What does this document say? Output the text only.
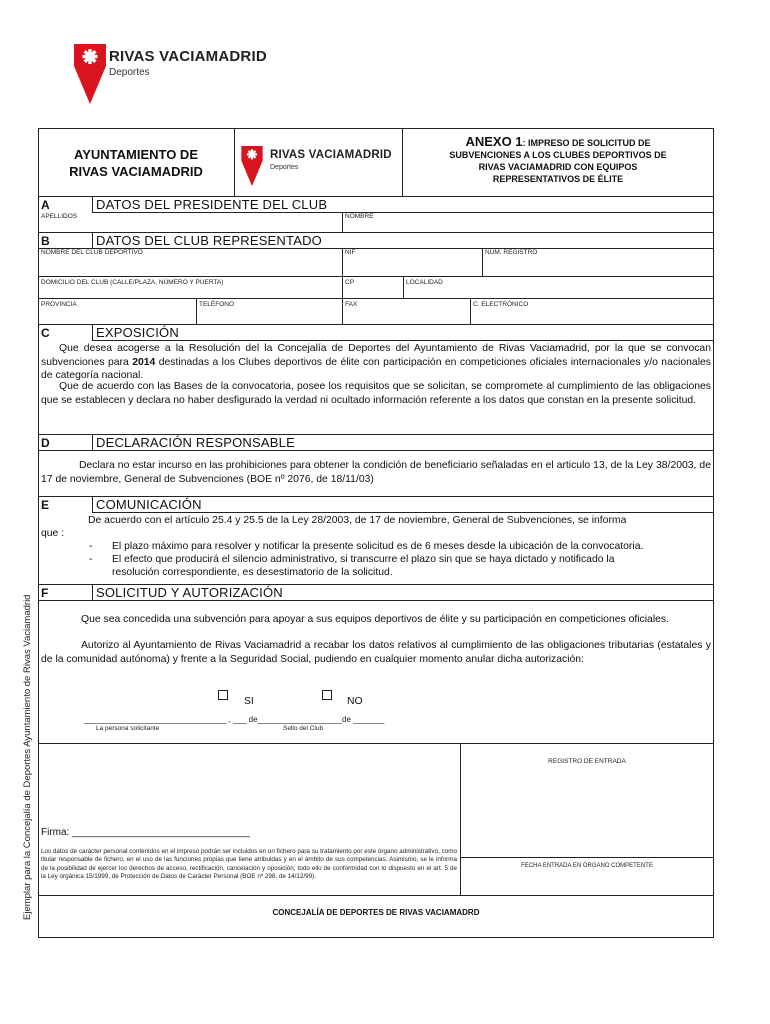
RIVAS VACIAMADRID
Deportes
AYUNTAMIENTO DE
RIVAS VACIAMADRID
RIVAS VACIAMADRID
Deportes
ANEXO 1: IMPRESO DE SOLICITUD DE
SUBVENCIONES A LOS CLUBES DEPORTIVOS DE
RIVAS VACIAMADRID CON EQUIPOS
REPRESENTATIVOS DE ÉLITE
A	DATOS DEL PRESIDENTE DEL CLUB
APELLIDOS	NOMBRE
B	DATOS DEL CLUB REPRESENTADO
NOMBRE DEL CLUB DEPORTIVO	NIF	NUM. REGISTRO
DOMICILIO DEL CLUB (CALLE/PLAZA, NÚMERO Y PUERTA)	CP	LOCALIDAD
PROVINCIA	TELÉFONO	FAX	C. ELECTRÓNICO
C	EXPOSICIÓN
Que desea acogerse a la Resolución del la Concejalía de Deportes del Ayuntamiento de Rivas Vaciamadrid, por la que se convocan subvenciones para 2014 destinadas a los Clubes deportivos de élite con participación en competiciones oficiales internacionales y/o nacionales de categoría nacional.
Que de acuerdo con las Bases de la convocatoria, posee los requisitos que se solicitan, se compromete al cumplimiento de las obligaciones que se establecen y declara no haber desfigurado la verdad ni ocultado información referente a los datos que constan en la presente solicitud.
D	DECLARACIÓN RESPONSABLE
Declara no estar incurso en las prohibiciones para obtener la condición de beneficiario señaladas en el articulo 13, de la Ley 38/2003, de 17 de noviembre, General de Subvenciones (BOE nº 2076, de 18/11/03)
E	COMUNICACIÓN
De acuerdo con el artículo 25.4 y 25.5 de la Ley 28/2003, de 17 de noviembre, General de Subvenciones, se informa
que :
- El plazo máximo para resolver y notificar la presente solicitud es de 6 meses desde la ubicación de la convocatoria.
- El efecto que producirá el silencio administrativo, si transcurre el plazo sin que se haya dictado y notificado la resolución correspondiente, es desestimatorio de la solicitud.
F	SOLICITUD Y AUTORIZACIÓN
Que sea concedida una subvención para apoyar a sus equipos deportivos de élite y su participación en competiciones oficiales.
Autorizo al Ayuntamiento de Rivas Vaciamadrid a recabar los datos relativos al cumplimiento de las obligaciones tributarias (estatales y de la comunidad autónoma) y frente a la Seguridad Social, pudiendo en cualquier momento anular dicha autorización:
SI	NO
________________________________ , ___ de___________________de _______
La persona solicitante	Sello del Club
REGISTRO DE ENTRADA
FECHA ENTRADA EN ÓRGANO COMPETENTE
Firma: ________________________________
Los datos de carácter personal contenidos en el impreso podrán ser incluidos en un fichero para su tratamiento por este órgano administrativo, como titular responsable de fichero, en el uso de las funciones propias que tiene atribuidas y en el ámbito de sus competencias. Asimismo, se le informa de la posibilidad de ejercer los derechos de acceso, rectificación, cancelación y oposición, todo ello de conformidad con lo dispuesto en el art. 5 de la Ley orgánica 15/1999, de Protección de Datos de Carácter Personal (BOE nº 298, de 14/12/99).
CONCEJALÍA DE DEPORTES DE RIVAS VACIAMADRD
Ejemplar para la Concejalía de Deportes Ayuntamiento de Rivas Vaciamadrid
